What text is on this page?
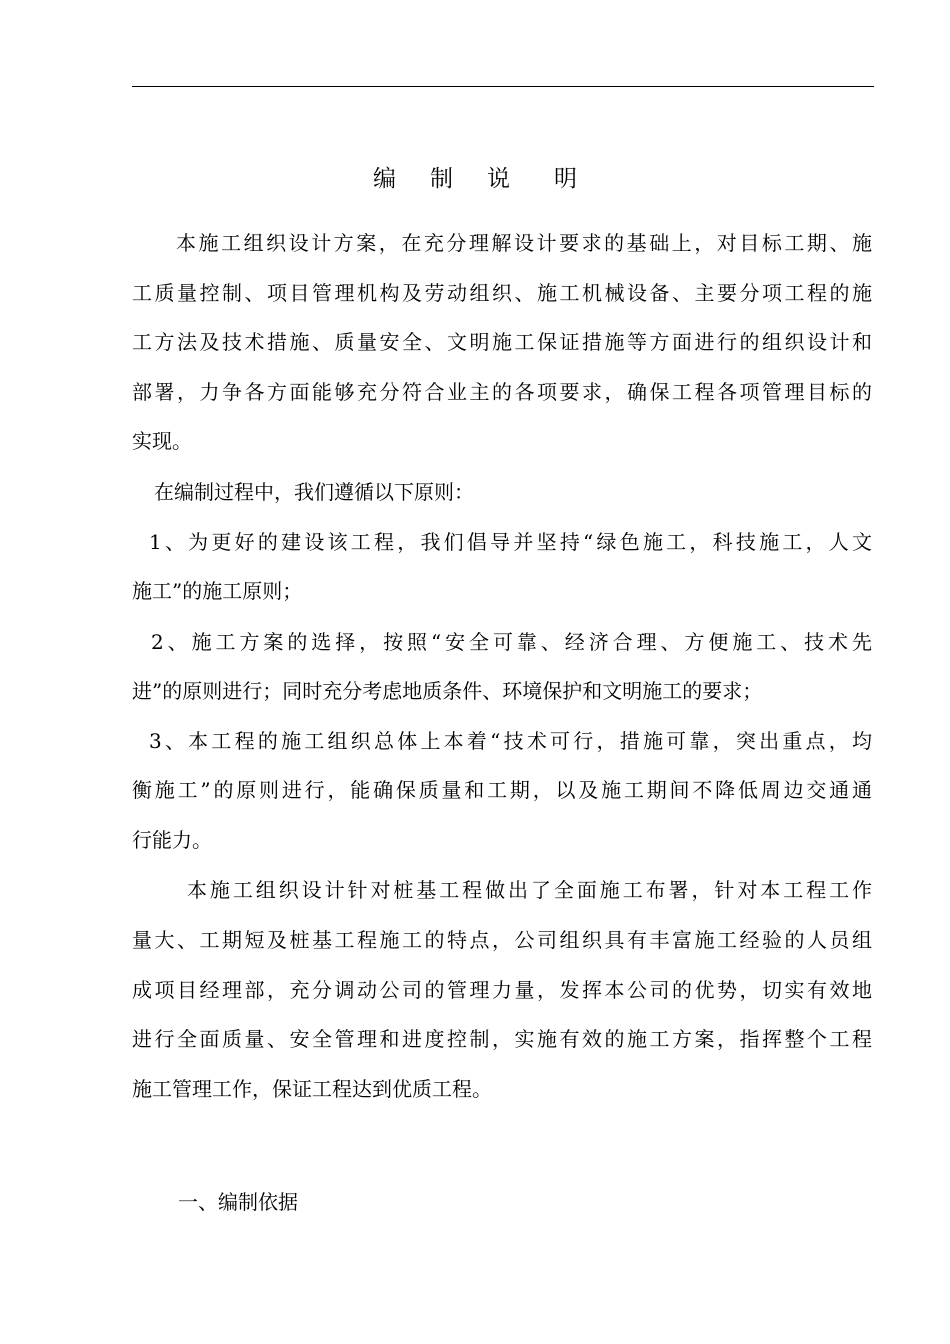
编 制 说 明
本施工组织设计方案，在充分理解设计要求的基础上，对目标工期、施
工质量控制、项目管理机构及劳动组织、施工机械设备、主要分项工程的施
工方法及技术措施、质量安全、文明施工保证措施等方面进行的组织设计和
部署，力争各方面能够充分符合业主的各项要求，确保工程各项管理目标的
实现。
在编制过程中，我们遵循以下原则：
1、为更好的建设该工程，我们倡导并坚持“绿色施工，科技施工，人文
施工”的施工原则；
2、施工方案的选择，按照“安全可靠、经济合理、方便施工、技术先
进”的原则进行；同时充分考虑地质条件、环境保护和文明施工的要求；
3、本工程的施工组织总体上本着“技术可行，措施可靠，突出重点，均
衡施工”的原则进行，能确保质量和工期，以及施工期间不降低周边交通通
行能力。
本施工组织设计针对桩基工程做出了全面施工布署，针对本工程工作
量大、工期短及桩基工程施工的特点，公司组织具有丰富施工经验的人员组
成项目经理部，充分调动公司的管理力量，发挥本公司的优势，切实有效地
进行全面质量、安全管理和进度控制，实施有效的施工方案，指挥整个工程
施工管理工作，保证工程达到优质工程。
一、编制依据
